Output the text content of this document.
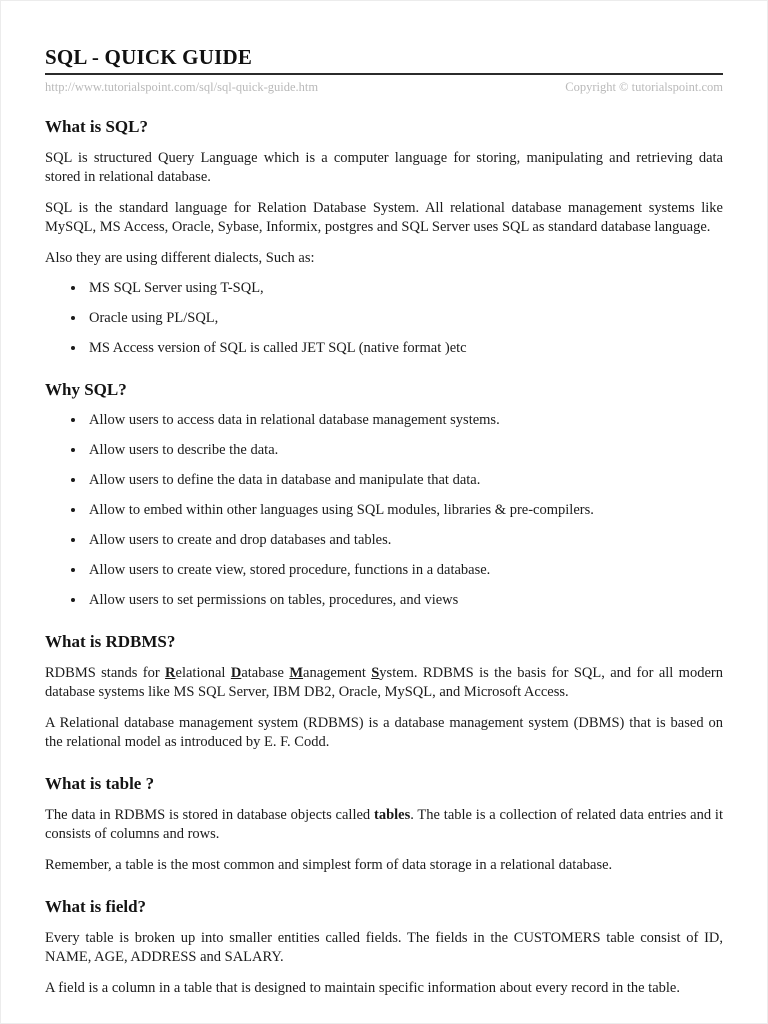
SQL - QUICK GUIDE
http://www.tutorialspoint.com/sql/sql-quick-guide.htm	Copyright © tutorialspoint.com
What is SQL?

SQL is structured Query Language which is a computer language for storing, manipulating and retrieving data stored in relational database.

SQL is the standard language for Relation Database System. All relational database management systems like MySQL, MS Access, Oracle, Sybase, Informix, postgres and SQL Server uses SQL as standard database language.

Also they are using different dialects, Such as:

• MS SQL Server using T-SQL,
• Oracle using PL/SQL,
• MS Access version of SQL is called JET SQL (native format )etc
Why SQL?
• Allow users to access data in relational database management systems.
• Allow users to describe the data.
• Allow users to define the data in database and manipulate that data.
• Allow to embed within other languages using SQL modules, libraries & pre-compilers.
• Allow users to create and drop databases and tables.
• Allow users to create view, stored procedure, functions in a database.
• Allow users to set permissions on tables, procedures, and views
What is RDBMS?

RDBMS stands for Relational Database Management System. RDBMS is the basis for SQL, and for all modern database systems like MS SQL Server, IBM DB2, Oracle, MySQL, and Microsoft Access.

A Relational database management system (RDBMS) is a database management system (DBMS) that is based on the relational model as introduced by E. F. Codd.

What is table ?

The data in RDBMS is stored in database objects called tables. The table is a collection of related data entries and it consists of columns and rows.

Remember, a table is the most common and simplest form of data storage in a relational database.

What is field?

Every table is broken up into smaller entities called fields. The fields in the CUSTOMERS table consist of ID, NAME, AGE, ADDRESS and SALARY.

A field is a column in a table that is designed to maintain specific information about every record in the table.
